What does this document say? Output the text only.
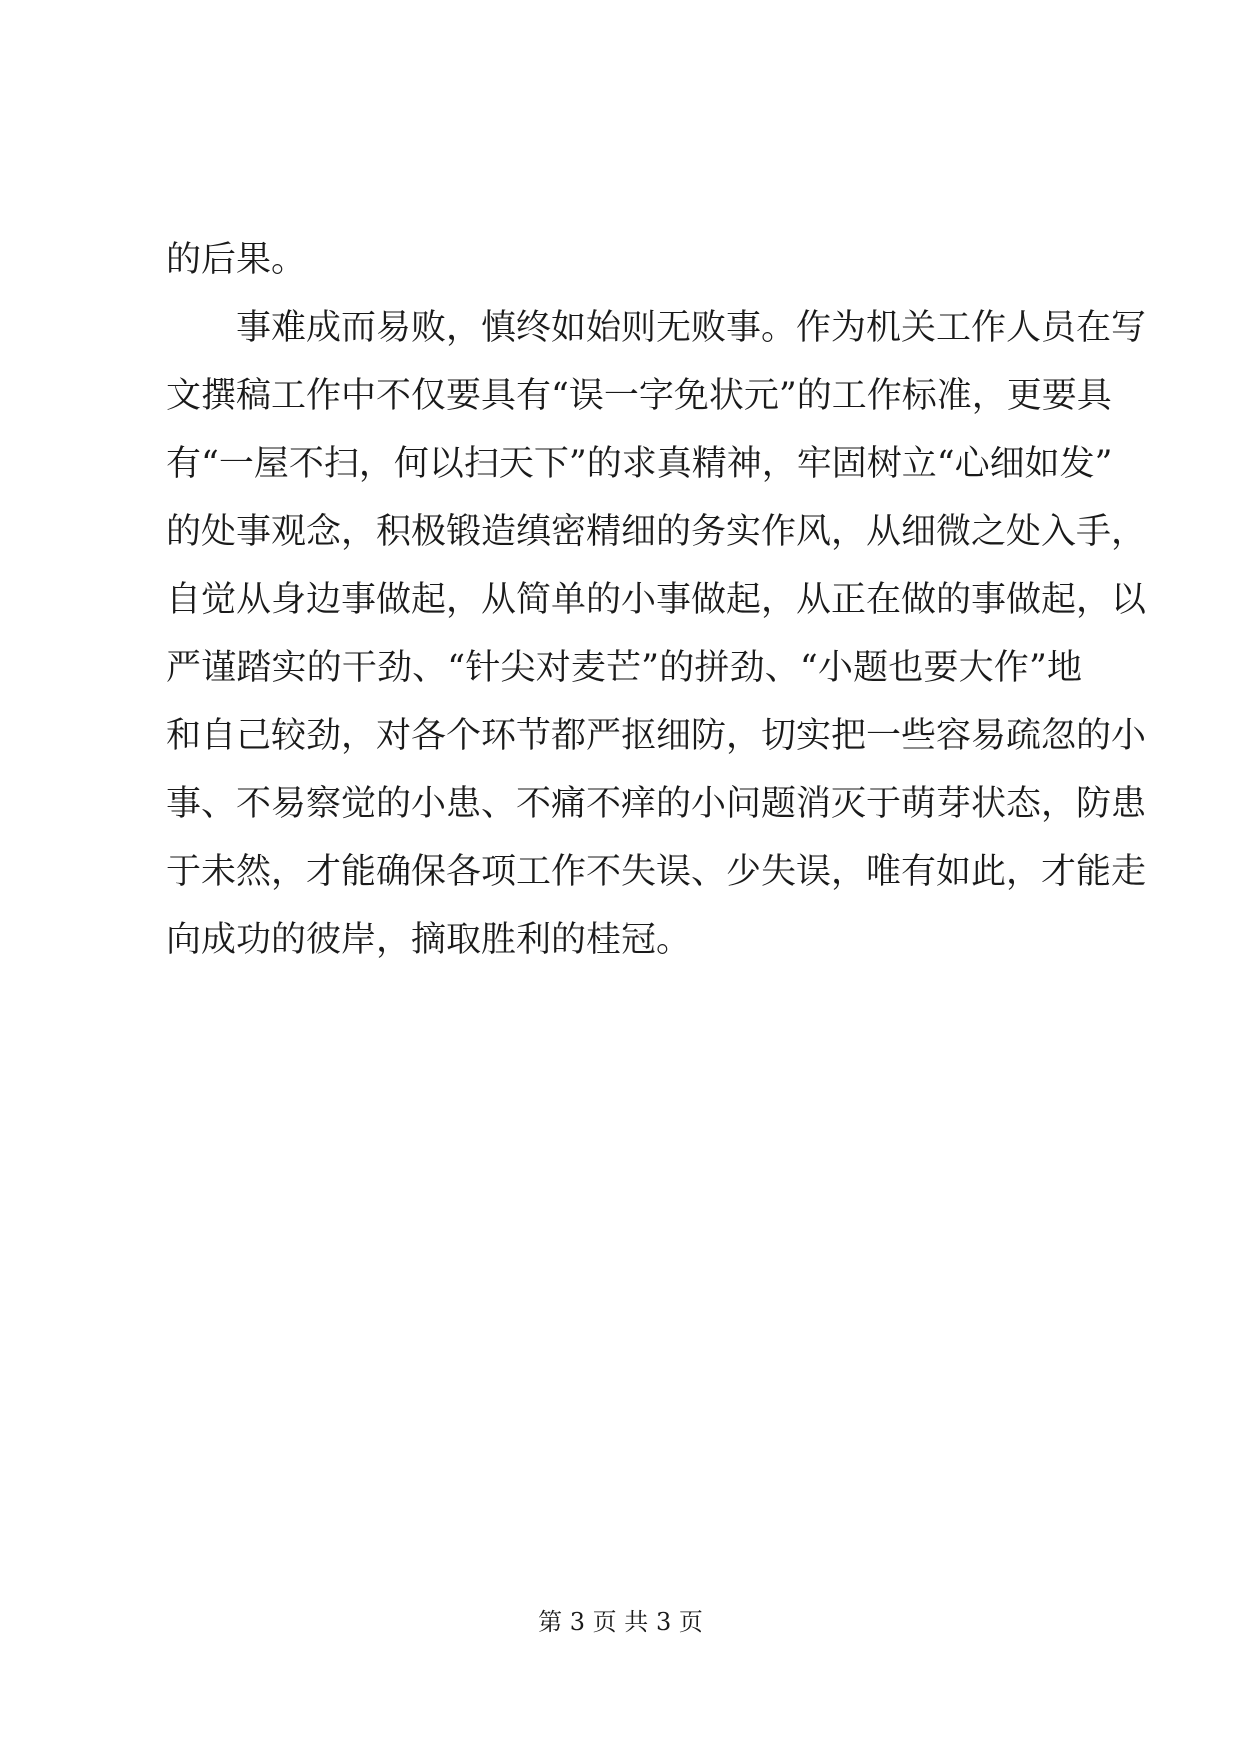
的后果。
事难成而易败，慎终如始则无败事。作为机关工作人员在写
文撰稿工作中不仅要具有“误一字免状元”的工作标准，更要具
有“一屋不扫，何以扫天下”的求真精神，牢固树立“心细如发”
的处事观念，积极锻造缜密精细的务实作风，从细微之处入手，
自觉从身边事做起，从简单的小事做起，从正在做的事做起，以
严谨踏实的干劲、“针尖对麦芒”的拼劲、“小题也要大作”地
和自己较劲，对各个环节都严抠细防，切实把一些容易疏忽的小
事、不易察觉的小患、不痛不痒的小问题消灭于萌芽状态，防患
于未然，才能确保各项工作不失误、少失误，唯有如此，才能走
向成功的彼岸，摘取胜利的桂冠。
第 3 页 共 3 页
